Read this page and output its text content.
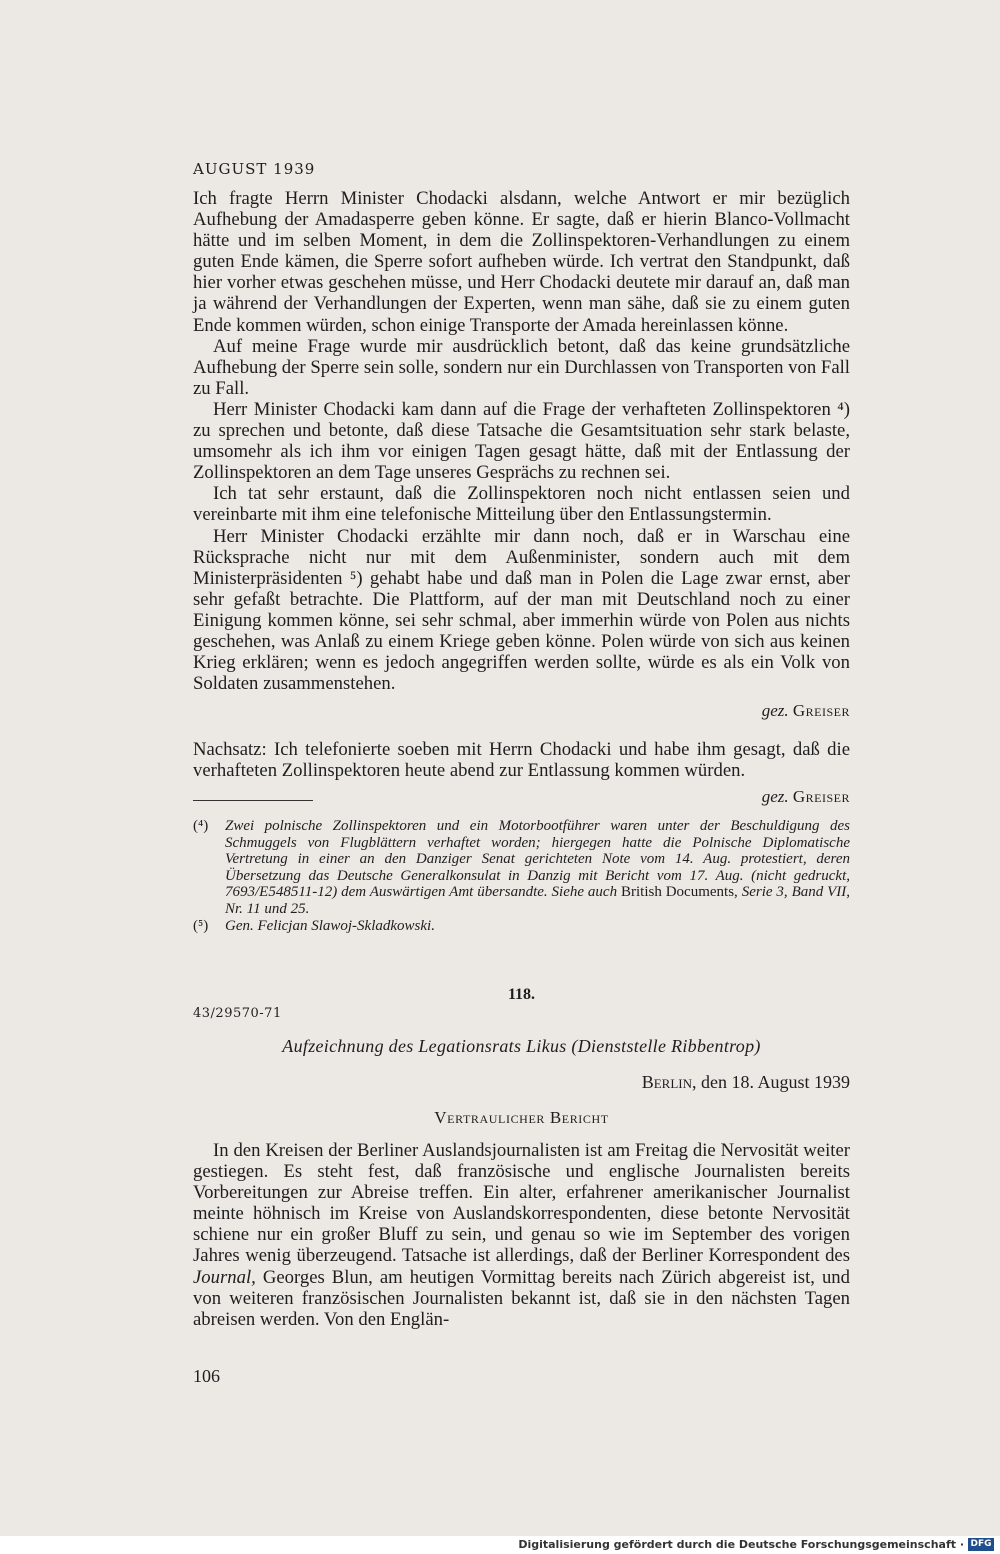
AUGUST 1939

Ich fragte Herrn Minister Chodacki alsdann, welche Antwort er mir bezüglich Aufhebung der Amadasperre geben könne. Er sagte, daß er hierin Blanco-Vollmacht hätte und im selben Moment, in dem die Zollinspektoren-Verhandlungen zu einem guten Ende kämen, die Sperre sofort aufheben würde. Ich vertrat den Standpunkt, daß hier vorher etwas geschehen müsse, und Herr Chodacki deutete mir darauf an, daß man ja während der Verhandlungen der Experten, wenn man sähe, daß sie zu einem guten Ende kommen würden, schon einige Transporte der Amada hereinlassen könne.

Auf meine Frage wurde mir ausdrücklich betont, daß das keine grundsätzliche Aufhebung der Sperre sein solle, sondern nur ein Durchlassen von Transporten von Fall zu Fall.

Herr Minister Chodacki kam dann auf die Frage der verhafteten Zollinspektoren ⁴) zu sprechen und betonte, daß diese Tatsache die Gesamtsituation sehr stark belaste, umsomehr als ich ihm vor einigen Tagen gesagt hätte, daß mit der Entlassung der Zollinspektoren an dem Tage unseres Gesprächs zu rechnen sei.

Ich tat sehr erstaunt, daß die Zollinspektoren noch nicht entlassen seien und vereinbarte mit ihm eine telefonische Mitteilung über den Entlassungstermin.

Herr Minister Chodacki erzählte mir dann noch, daß er in Warschau eine Rücksprache nicht nur mit dem Außenminister, sondern auch mit dem Ministerpräsidenten ⁵) gehabt habe und daß man in Polen die Lage zwar ernst, aber sehr gefaßt betrachte. Die Plattform, auf der man mit Deutschland noch zu einer Einigung kommen könne, sei sehr schmal, aber immerhin würde von Polen aus nichts geschehen, was Anlaß zu einem Kriege geben könne. Polen würde von sich aus keinen Krieg erklären; wenn es jedoch angegriffen werden sollte, würde es als ein Volk von Soldaten zusammenstehen.

gez. Greiser

Nachsatz: Ich telefonierte soeben mit Herrn Chodacki und habe ihm gesagt, daß die verhafteten Zollinspektoren heute abend zur Entlassung kommen würden.

gez. Greiser
(⁴)	Zwei polnische Zollinspektoren und ein Motorbootführer waren unter der Beschuldigung des Schmuggels von Flugblättern verhaftet worden; hiergegen hatte die Polnische Diplomatische Vertretung in einer an den Danziger Senat gerichteten Note vom 14. Aug. protestiert, deren Übersetzung das Deutsche Generalkonsulat in Danzig mit Bericht vom 17. Aug. (nicht gedruckt, 7693/E548511-12) dem Auswärtigen Amt übersandte. Siehe auch British Documents, Serie 3, Band VII, Nr. 11 und 25.
(⁵)	Gen. Felicjan Slawoj-Skladkowski.
118.
43/29570-71
Aufzeichnung des Legationsrats Likus (Dienststelle Ribbentrop)
Berlin, den 18. August 1939
Vertraulicher Bericht

In den Kreisen der Berliner Auslandsjournalisten ist am Freitag die Nervosität weiter gestiegen. Es steht fest, daß französische und englische Journalisten bereits Vorbereitungen zur Abreise treffen. Ein alter, erfahrener amerikanischer Journalist meinte höhnisch im Kreise von Auslandskorrespondenten, diese betonte Nervosität schiene nur ein großer Bluff zu sein, und genau so wie im September des vorigen Jahres wenig überzeugend. Tatsache ist allerdings, daß der Berliner Korrespondent des Journal, Georges Blun, am heutigen Vormittag bereits nach Zürich abgereist ist, und von weiteren französischen Journalisten bekannt ist, daß sie in den nächsten Tagen abreisen werden. Von den Englän-

106
Digitalisierung gefördert durch die Deutsche Forschungsgemeinschaft · DFG
